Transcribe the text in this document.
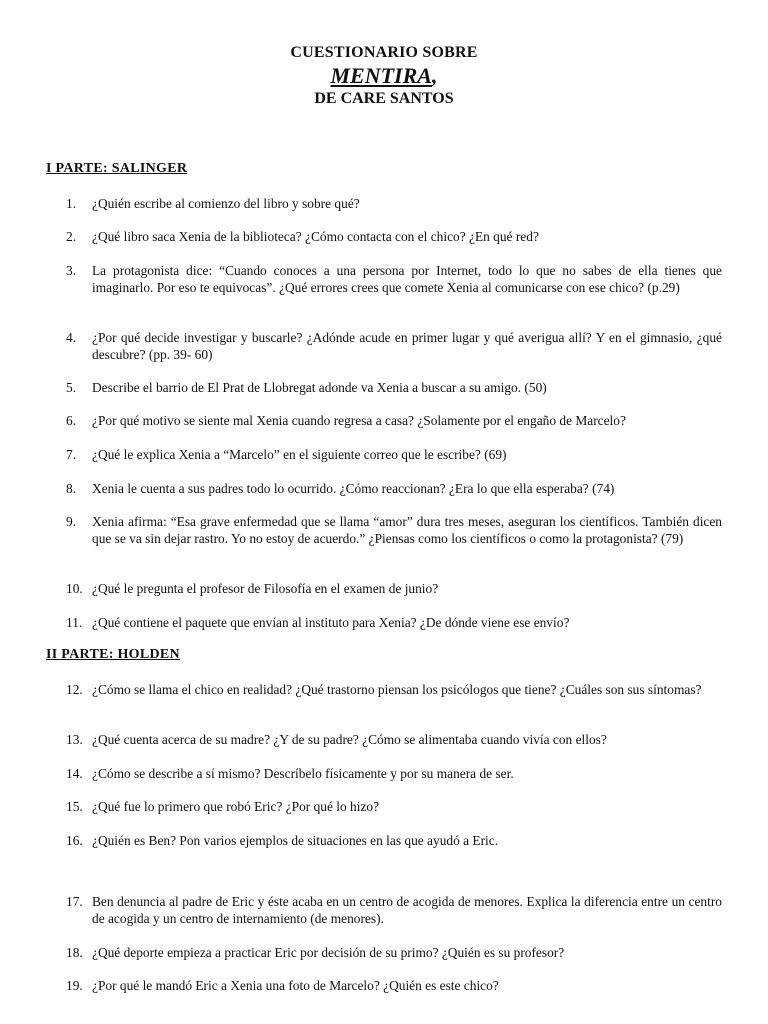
CUESTIONARIO SOBRE
MENTIRA,
DE CARE SANTOS
I PARTE: SALINGER
1.	¿Quién escribe al comienzo del libro y sobre qué?
2.	¿Qué libro saca Xenia de la biblioteca? ¿Cómo contacta con el chico? ¿En qué red?
3.	La protagonista dice: “Cuando conoces a una persona por Internet, todo lo que no sabes de ella tienes que imaginarlo. Por eso te equivocas”. ¿Qué errores crees que comete Xenia al comunicarse con ese chico? (p.29)
4.	¿Por qué decide investigar y buscarle? ¿Adónde acude en primer lugar y qué averigua allí? Y en el gimnasio, ¿qué descubre? (pp. 39- 60)
5.	Describe el barrio de El Prat de Llobregat adonde va Xenia a buscar a su amigo. (50)
6.	¿Por qué motivo se siente mal Xenia cuando regresa a casa? ¿Solamente por el engaño de Marcelo?
7.	¿Qué le explica Xenia a “Marcelo” en el siguiente correo que le escribe? (69)
8.	Xenia le cuenta a sus padres todo lo ocurrido. ¿Cómo reaccionan? ¿Era lo que ella esperaba? (74)
9.	Xenia afirma: “Esa grave enfermedad que se llama “amor” dura tres meses, aseguran los científicos. También dicen que se va sin dejar rastro. Yo no estoy de acuerdo.” ¿Piensas como los científicos o como la protagonista? (79)
10. ¿Qué le pregunta el profesor de Filosofía en el examen de junio?
11. ¿Qué contiene el paquete que envían al instituto para Xenia? ¿De dónde viene ese envío?
II PARTE: HOLDEN
12. ¿Cómo se llama el chico en realidad? ¿Qué trastorno piensan los psicólogos que tiene? ¿Cuáles son sus síntomas?
13. ¿Qué cuenta acerca de su madre? ¿Y de su padre? ¿Cómo se alimentaba cuando vivía con ellos?
14. ¿Cómo se describe a sí mismo? Descríbelo físicamente y por su manera de ser.
15. ¿Qué fue lo primero que robó Eric? ¿Por qué lo hizo?
16. ¿Quién es Ben? Pon varios ejemplos de situaciones en las que ayudó a Eric.
17. Ben denuncia al padre de Eric y éste acaba en un centro de acogida de menores. Explica la diferencia entre un centro de acogida y un centro de internamiento (de menores).
18. ¿Qué deporte empieza a practicar Eric por decisión de su primo? ¿Quién es su profesor?
19. ¿Por qué le mandó Eric a Xenia una foto de Marcelo? ¿Quién es este chico?
